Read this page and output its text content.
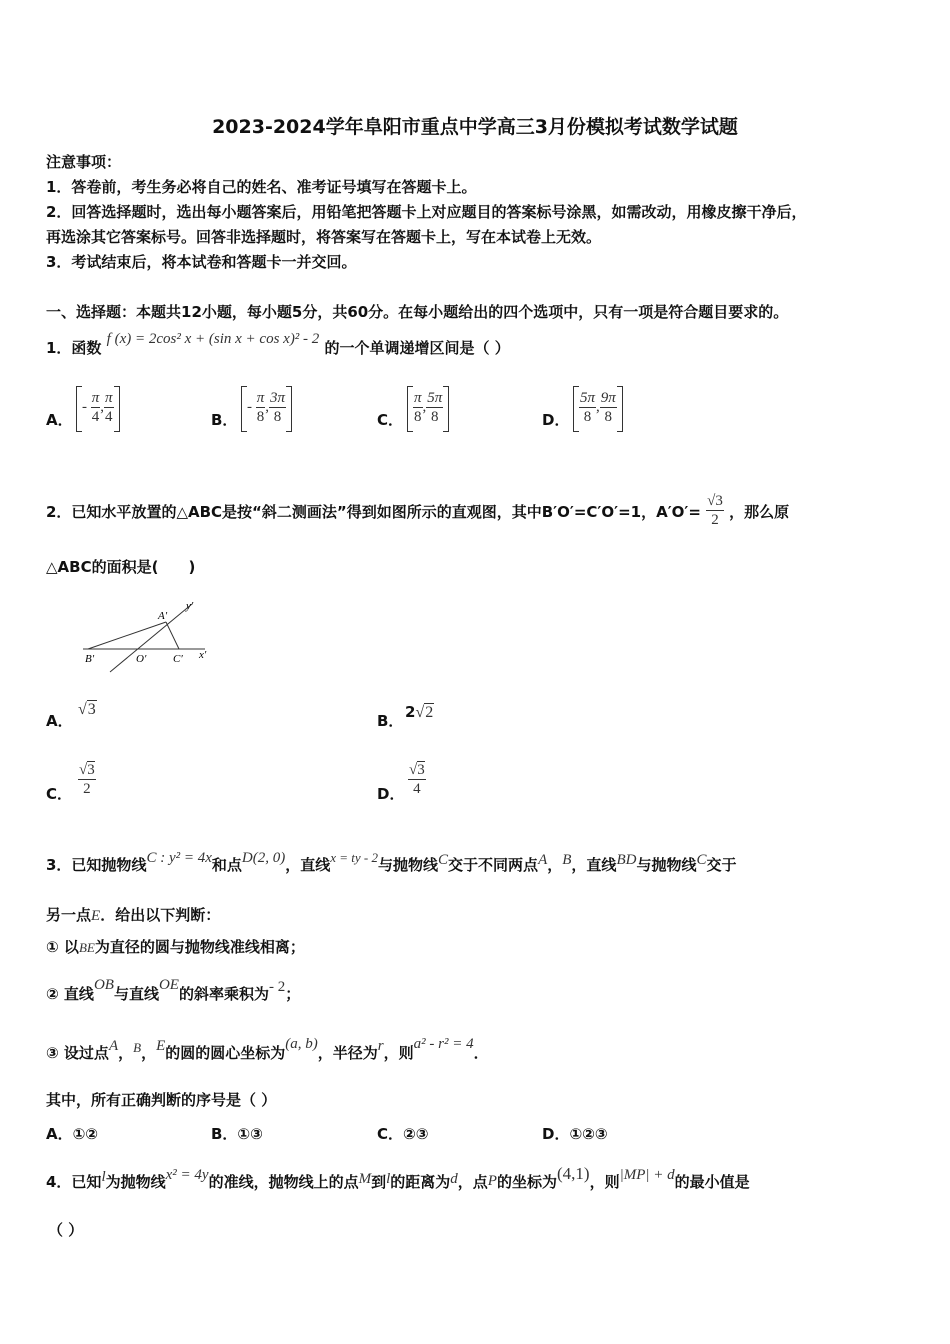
2023-2024学年阜阳市重点中学高三3月份模拟考试数学试题
注意事项：
1．答卷前，考生务必将自己的姓名、准考证号填写在答题卡上。
2．回答选择题时，选出每小题答案后，用铅笔把答题卡上对应题目的答案标号涂黑，如需改动，用橡皮擦干净后，
再选涂其它答案标号。回答非选择题时，将答案写在答题卡上，写在本试卷上无效。
3．考试结束后，将本试卷和答题卡一并交回。
一、选择题：本题共12小题，每小题5分，共60分。在每小题给出的四个选项中，只有一项是符合题目要求的。
1．函数 f (x) = 2cos² x + (sin x + cos x)² - 2 的一个单调递增区间是（ ）
A．
- $\frac{\pi}{4}$ , $\frac{\pi}{4}$	B．
- $\frac{\pi}{8}$ , $\frac{3\pi}{8}$	C． $\frac{\pi}{8}$ , $\frac{5\pi}{8}$	D． $\frac{5\pi}{8}$ , $\frac{9\pi}{8}$
2．已知水平放置的△ABC是按“斜二测画法”得到如图所示的直观图，其中B′O′=C′O′=1，$A'O'= \frac{√3}{2}$ ，那么原
△ABC的面积是(　　)
A′
y′
B′	O′ C′ x′
A．
√3
B． 2√2
C． $\frac{√3}{2}$	D． $\frac{√3}{4}$
3．已知抛物线C : y² = 4x和点D(2, 0)，直线x = ty - 2与抛物线C交于不同两点A，B，直线BD与抛物线C交于
另一点E．给出以下判断：
① 以BE为直径的圆与抛物线准线相离；
② 直线OB与直线OE的斜率乘积为- 2；
③ 设过点A，B，E的圆的圆心坐标为(a, b)，半径为r，则a² - r² = 4．
其中，所有正确判断的序号是（ ）
A．①②	B．①③	C．②③	D．①②③
4．已知l为抛物线x² = 4y的准线，抛物线上的点M到l的距离为d，点P的坐标为(4,1)，则|MP| + d的最小值是
（ ）
